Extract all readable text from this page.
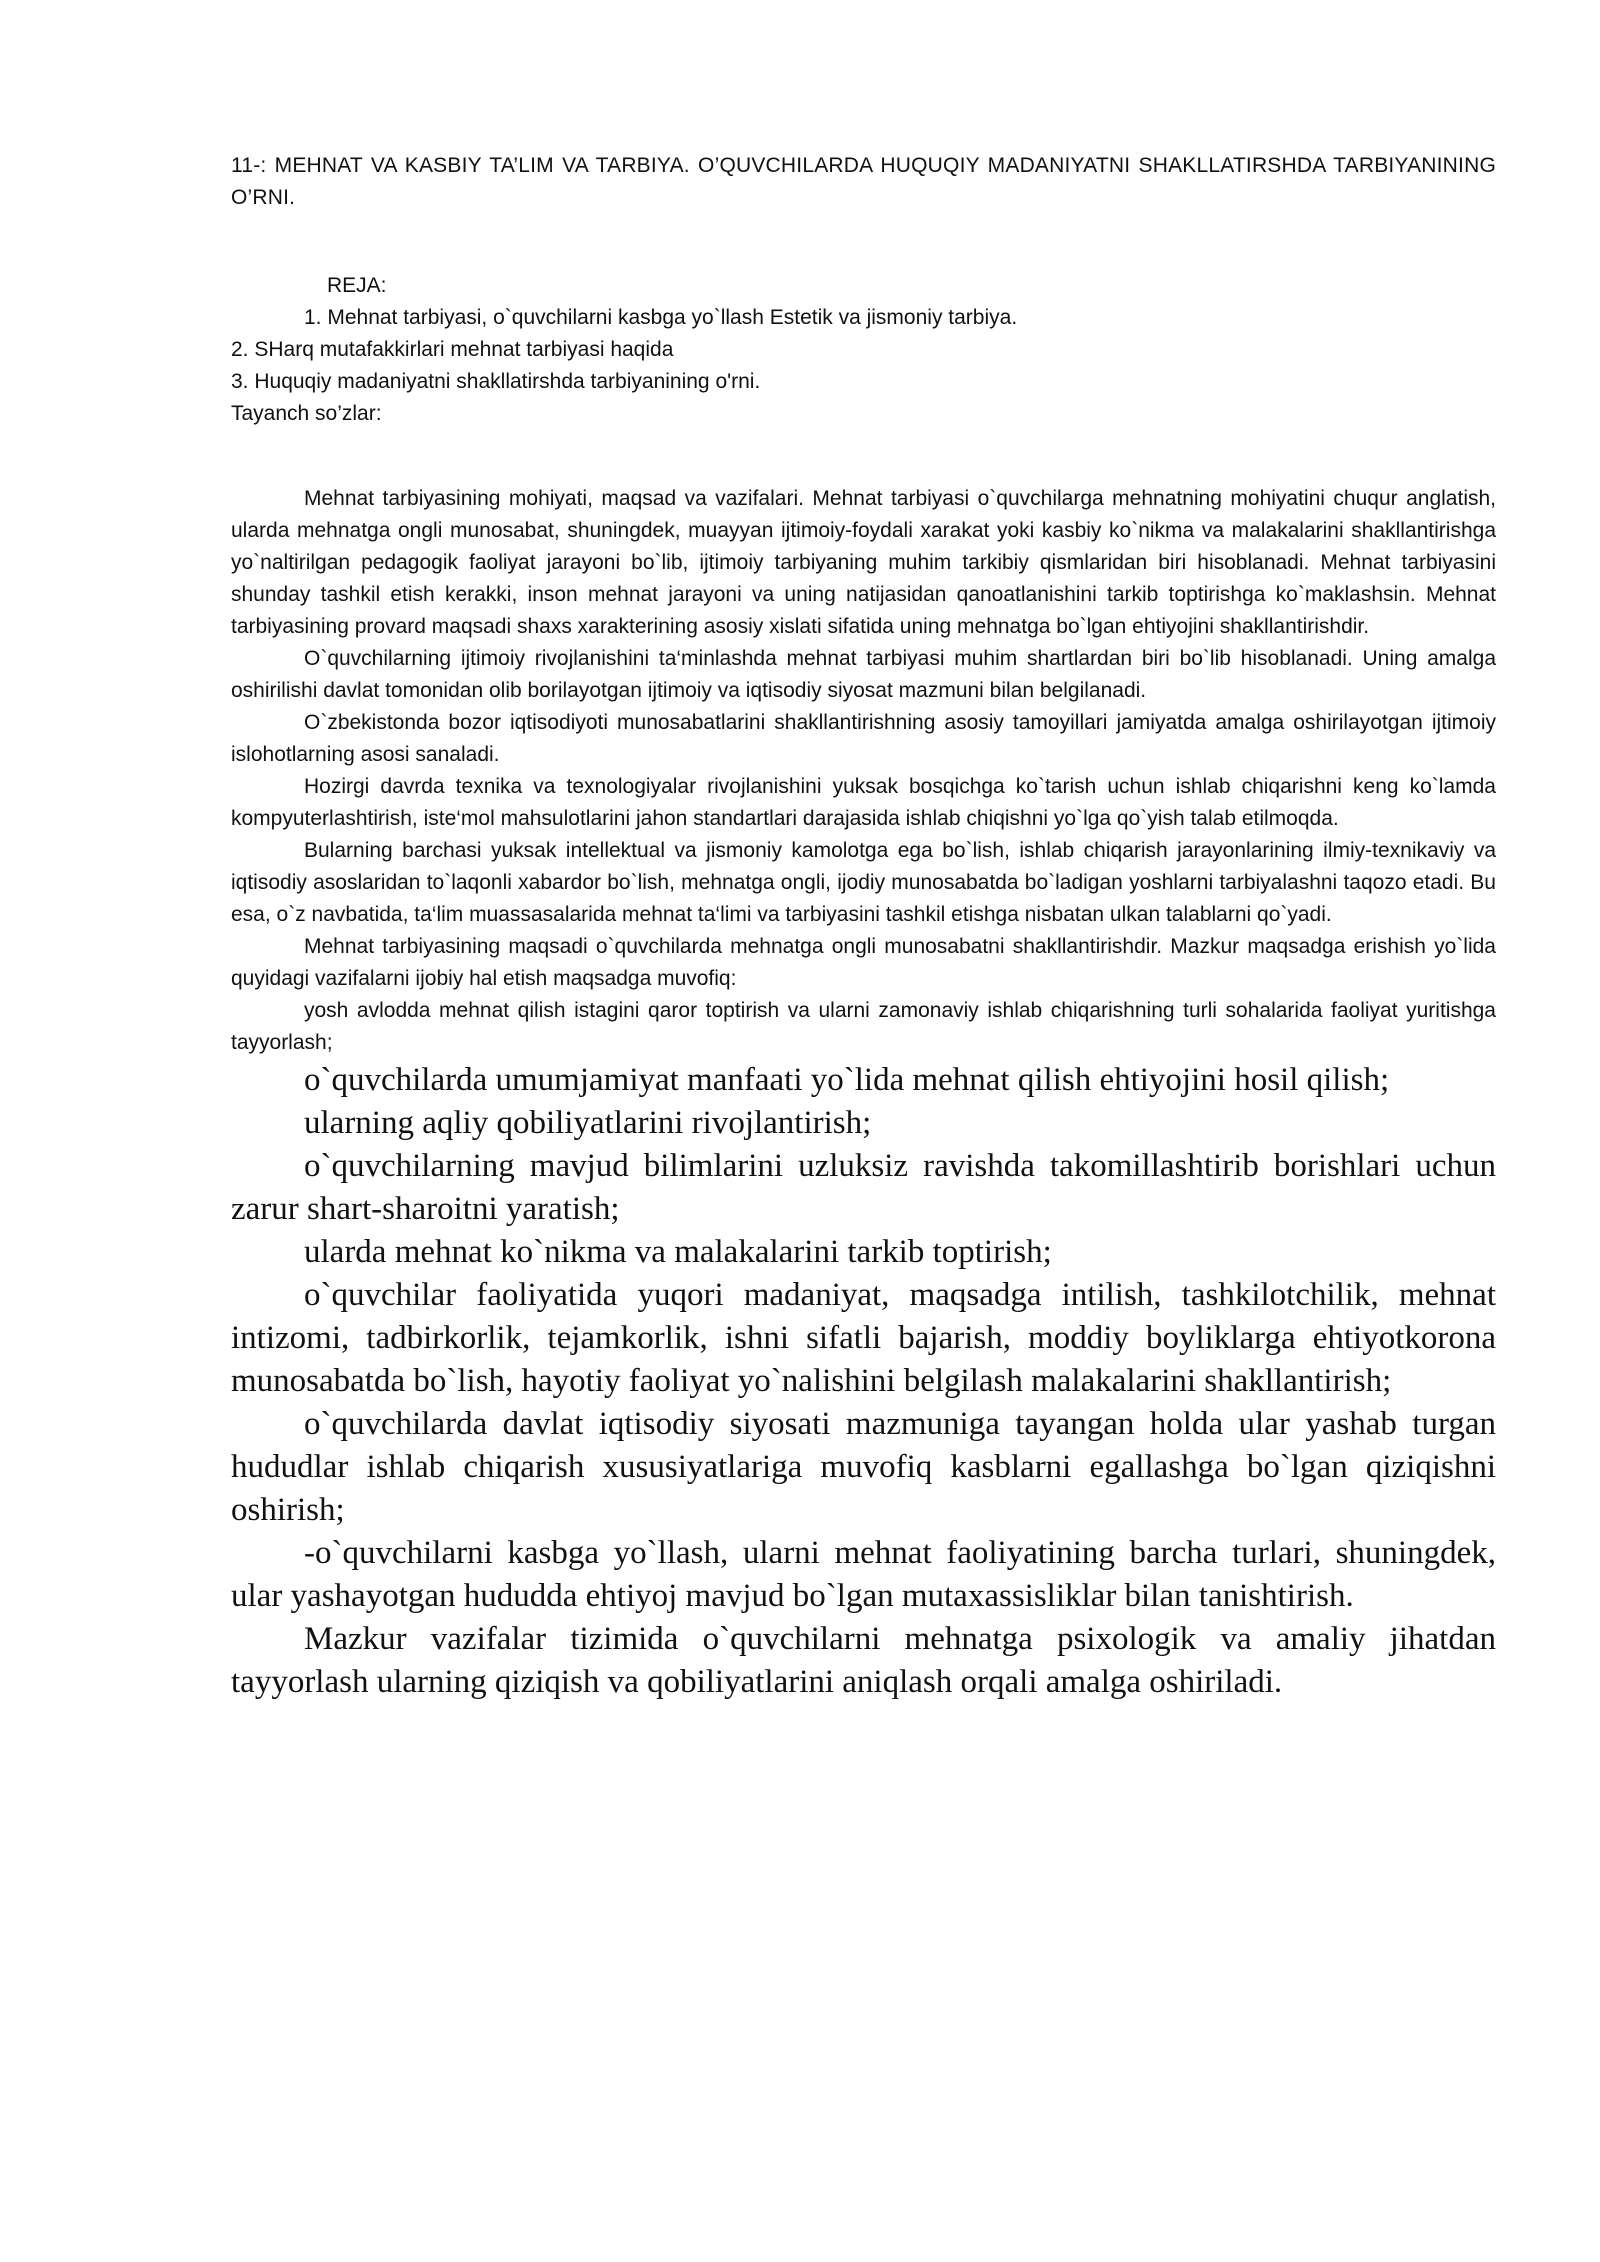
11-: MEHNAT VA KASBIY TA’LIM VA TARBIYA. O’QUVCHILARDA HUQUQIY MADANIYATNI SHAKLLATIRSHDA TARBIYANINING O’RNI.

REJA:

1. Mehnat tarbiyasi, o`quvchilarni kasbga yo`llash Estetik va jismoniy tarbiya.

2. SHarq mutafakkirlari mehnat tarbiyasi haqida

3. Huquqiy madaniyatni shakllatirshda tarbiyanining o'rni.

Tayanch so’zlar:

Mehnat tarbiyasining mohiyati, maqsad va vazifalari. Mehnat tarbiyasi o`quvchilarga mehnatning mohiyatini chuqur anglatish, ularda mehnatga ongli munosabat, shuningdek, muayyan ijtimoiy-foydali xarakat yoki kasbiy ko`nikma va malakalarini shakllantirishga yo`naltirilgan pedagogik faoliyat jarayoni bo`lib, ijtimoiy tarbiyaning muhim tarkibiy qismlaridan biri hisoblanadi. Mehnat tarbiyasini shunday tashkil etish kerakki, inson mehnat jarayoni va uning natijasidan qanoatlanishini tarkib toptirishga ko`maklashsin. Mehnat tarbiyasining provard maqsadi shaxs xarakterining asosiy xislati sifatida uning mehnatga bo`lgan ehtiyojini shakllantirishdir.

O`quvchilarning ijtimoiy rivojlanishini ta‘minlashda mehnat tarbiyasi muhim shartlardan biri bo`lib hisoblanadi. Uning amalga oshirilishi davlat tomonidan olib borilayotgan ijtimoiy va iqtisodiy siyosat mazmuni bilan belgilanadi.

O`zbekistonda bozor iqtisodiyoti munosabatlarini shakllantirishning asosiy tamoyillari jamiyatda amalga oshirilayotgan ijtimoiy islohotlarning asosi sanaladi.

Hozirgi davrda texnika va texnologiyalar rivojlanishini yuksak bosqichga ko`tarish uchun ishlab chiqarishni keng ko`lamda kompyuterlashtirish, iste‘mol mahsulotlarini jahon standartlari darajasida ishlab chiqishni yo`lga qo`yish talab etilmoqda.

Bularning barchasi yuksak intellektual va jismoniy kamolotga ega bo`lish, ishlab chiqarish jarayonlarining ilmiy-texnikaviy va iqtisodiy asoslaridan to`laqonli xabardor bo`lish, mehnatga ongli, ijodiy munosabatda bo`ladigan yoshlarni tarbiyalashni taqozo etadi. Bu esa, o`z navbatida, ta‘lim muassasalarida mehnat ta‘limi va tarbiyasini tashkil etishga nisbatan ulkan talablarni qo`yadi.

Mehnat tarbiyasining maqsadi o`quvchilarda mehnatga ongli munosabatni shakllantirishdir. Mazkur maqsadga erishish yo`lida quyidagi vazifalarni ijobiy hal etish maqsadga muvofiq:

yosh avlodda mehnat qilish istagini qaror toptirish va ularni zamonaviy ishlab chiqarishning turli sohalarida faoliyat yuritishga tayyorlash;

o`quvchilarda umumjamiyat manfaati yo`lida mehnat qilish ehtiyojini hosil qilish;

ularning aqliy qobiliyatlarini rivojlantirish;

o`quvchilarning mavjud bilimlarini uzluksiz ravishda takomillashtirib borishlari uchun zarur shart-sharoitni yaratish;

ularda mehnat ko`nikma va malakalarini tarkib toptirish;

o`quvchilar faoliyatida yuqori madaniyat, maqsadga intilish, tashkilotchilik, mehnat intizomi, tadbirkorlik, tejamkorlik, ishni sifatli bajarish, moddiy boyliklarga ehtiyotkorona munosabatda bo`lish, hayotiy faoliyat yo`nalishini belgilash malakalarini shakllantirish;

o`quvchilarda davlat iqtisodiy siyosati mazmuniga tayangan holda ular yashab turgan hududlar ishlab chiqarish xususiyatlariga muvofiq kasblarni egallashga bo`lgan qiziqishni oshirish;

-o`quvchilarni kasbga yo`llash, ularni mehnat faoliyatining barcha turlari, shuningdek, ular yashayotgan hududda ehtiyoj mavjud bo`lgan mutaxassisliklar bilan tanishtirish.

Mazkur vazifalar tizimida o`quvchilarni mehnatga psixologik va amaliy jihatdan tayyorlash ularning qiziqish va qobiliyatlarini aniqlash orqali amalga oshiriladi.
